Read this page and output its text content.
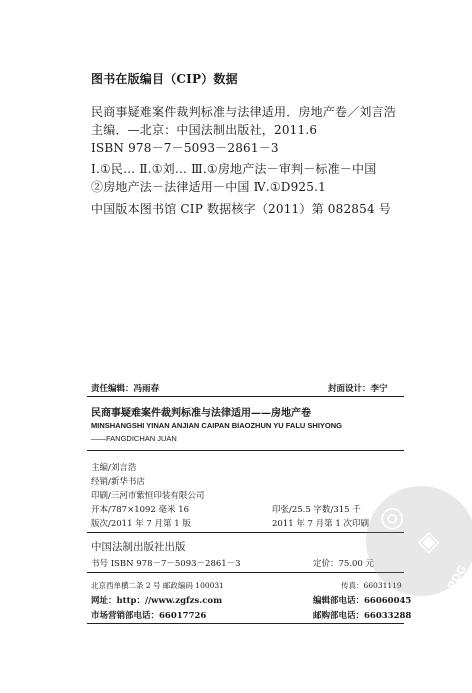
图书在版编目（CIP）数据
民商事疑难案件裁判标准与法律适用．房地产卷／刘言浩
主编．—北京：中国法制出版社，2011.6
ISBN 978－7－5093－2861－3
Ⅰ.①民… Ⅱ.①刘… Ⅲ.①房地产法－审判－标准－中国
②房地产法－法律适用－中国 Ⅳ.①D925.1
中国版本图书馆 CIP 数据核字（2011）第 082854 号
责任编辑：冯雨春	封面设计：李宁
民商事疑难案件裁判标准与法律适用——房地产卷
MINSHANGSHI YINAN ANJIAN CAIPAN BIAOZHUN YU FALU SHIYONG
——FANGDICHAN JUAN
主编/刘言浩
经销/新华书店
印刷/三河市紫恒印装有限公司
开本/787×1092 毫米 16	印张/25.5 字数/315 千
版次/2011 年 7 月第 1 版	2011 年 7 月第 1 次印刷
中国法制出版社出版
书号 ISBN 978－7－5093－2861－3	定价：75.00 元
北京西单横二条 2 号 邮政编码 100031	传真：66031119
网址：http：//www.zgfzs.com	编辑部电话：66060045
市场营销部电话：66017726	邮购部电话：66033288
◎
◈
PDG
